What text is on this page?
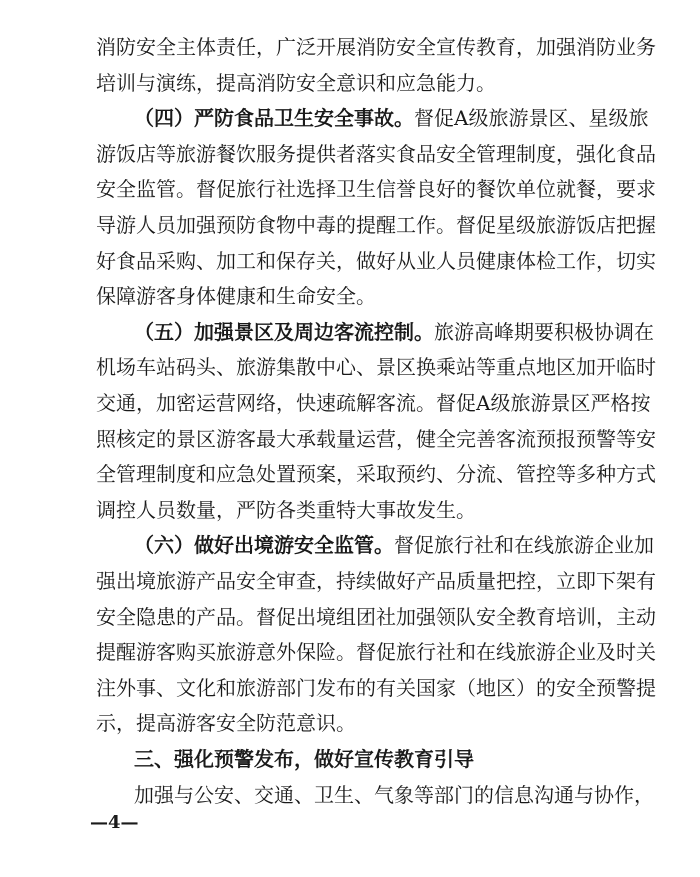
消防安全主体责任，广泛开展消防安全宣传教育，加强消防业务
培训与演练，提高消防安全意识和应急能力。
（四）严防食品卫生安全事故。督促A级旅游景区、星级旅
游饭店等旅游餐饮服务提供者落实食品安全管理制度，强化食品
安全监管。督促旅行社选择卫生信誉良好的餐饮单位就餐，要求
导游人员加强预防食物中毒的提醒工作。督促星级旅游饭店把握
好食品采购、加工和保存关，做好从业人员健康体检工作，切实
保障游客身体健康和生命安全。
（五）加强景区及周边客流控制。旅游高峰期要积极协调在
机场车站码头、旅游集散中心、景区换乘站等重点地区加开临时
交通，加密运营网络，快速疏解客流。督促A级旅游景区严格按
照核定的景区游客最大承载量运营，健全完善客流预报预警等安
全管理制度和应急处置预案，采取预约、分流、管控等多种方式
调控人员数量，严防各类重特大事故发生。
（六）做好出境游安全监管。督促旅行社和在线旅游企业加
强出境旅游产品安全审查，持续做好产品质量把控，立即下架有
安全隐患的产品。督促出境组团社加强领队安全教育培训，主动
提醒游客购买旅游意外保险。督促旅行社和在线旅游企业及时关
注外事、文化和旅游部门发布的有关国家（地区）的安全预警提
示，提高游客安全防范意识。
三、强化预警发布，做好宣传教育引导
—4—
加强与公安、交通、卫生、气象等部门的信息沟通与协作，
